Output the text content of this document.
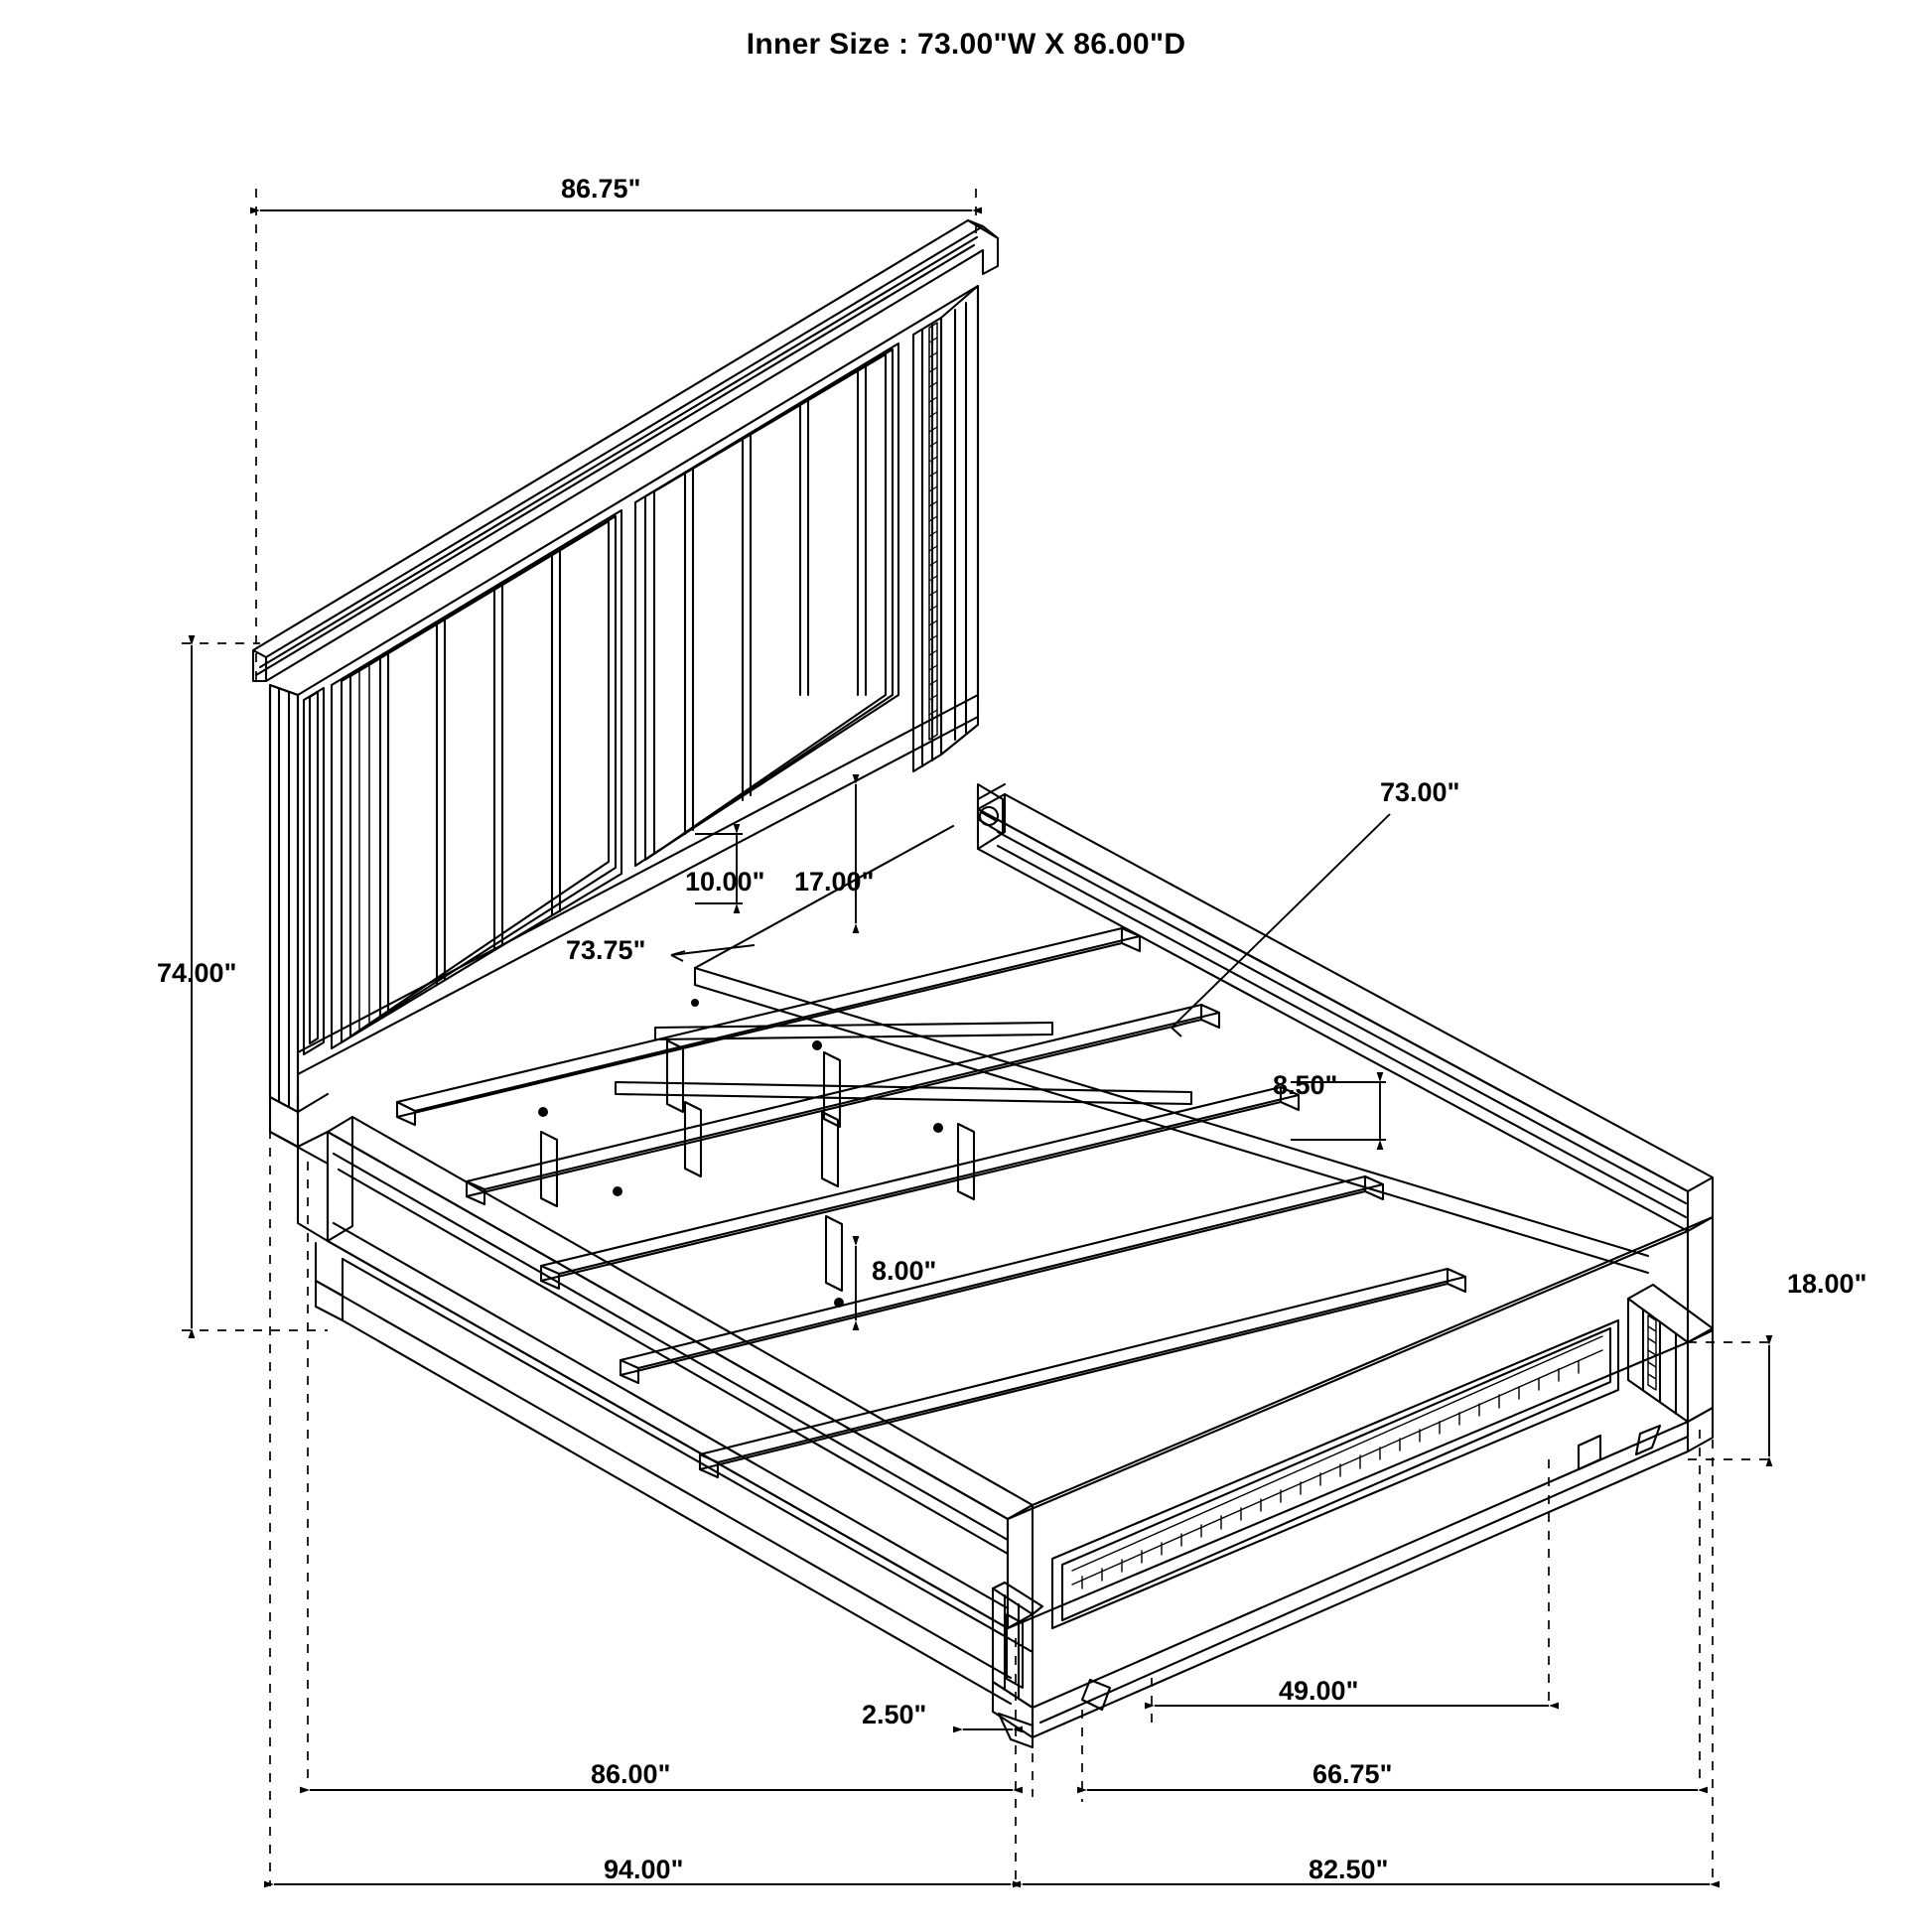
Inner Size : 73.00"W X 86.00"D
86.75"
74.00"
10.00" 17.00"
73.75"
73.00"
8.50"
8.00"	18.00"
2.50"
49.00"
86.00"	66.75"
94.00"	82.50"
